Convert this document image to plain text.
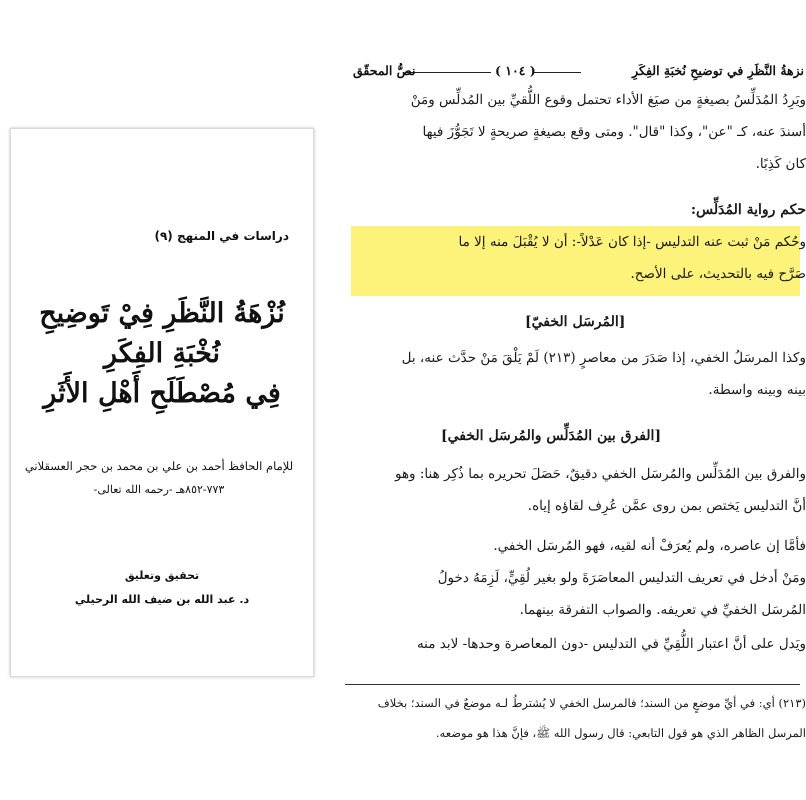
دراسات في المنهج (٩)
نُزْهَةُ النَّظَرِ فِيْ تَوضِيحِ
نُخْبَةِ الفِكَرِ
فِي مُصْطَلَحِ أَهْلِ الأَثَرِ
للإمام الحافظ أحمد بن علي بن محمد بن حجر العسقلاني
٧٧٣-٨٥٢هـ -رحمه الله تعالى-
تحقيق وتعليق
د. عبد الله بن ضيف الله الرحيلي
نزهةُ النَّظَرِ في توضيحِ نُخبَةِ الفِكَرِ
( ١٠٤ )
نصُّ المحقّق
ويَرِدُ المُدَلِّسُ بصيغةٍ من صيَغ الأداء تحتمل وقوع اللُّقيِّ بين المُدلِّس ومَنْ
أسندَ عنه، كـ "عن"، وكذا "قال". ومتى وقع بصيغةٍ صريحةٍ لا تَجَوُّزَ فيها
كان كَذِبًا.
حكم رواية المُدَلِّس:
وحُكم مَنْ ثبت عنه التدليس -إذا كان عَدْلاً-: أن لا يُقْبَلَ منه إلا ما
صَرَّح فيه بالتحديث، على الأصح.
[المُرسَل الخفيّ]
وكذا المرسَلُ الخفي، إذا صَدَرَ من معاصرٍ (٢١٣) لَمْ يَلْقَ مَنْ حدَّث عنه، بل
بينه وبينه واسطة.
[الفرق بين المُدَلِّس والمُرسَل الخفي]
والفرق بين المُدَلِّس والمُرسَل الخفي دقيقٌ، حَصَلَ تحريره بما ذُكِر هنا: وهو
أنَّ التدليس يَختص بمن روى عمَّن عُرِف لقاؤه إياه.
فأمَّا إن عاصره، ولم يُعرَفْ أنه لقيه، فهو المُرسَل الخفي.
ومَنْ أدخل في تعريف التدليس المعاصَرَةَ ولو بغير لُقِيٍّ، لَزِمَهُ دخولُ
المُرسَل الخفيِّ في تعريفه. والصواب التفرقة بينهما.
ويَدل على أنَّ اعتبار اللُّقِيِّ في التدليس -دون المعاصرة وحدها- لابد منه
(٢١٣) أي: في أيِّ موضعٍ من السند؛ فالمرسل الخفي لا يُشترطُ لـه موضعٌ في السند؛ بخلاف
المرسل الظاهر الذي هو قول التابعي: قال رسول الله ﷺ، فإنَّ هذا هو موضعه.
